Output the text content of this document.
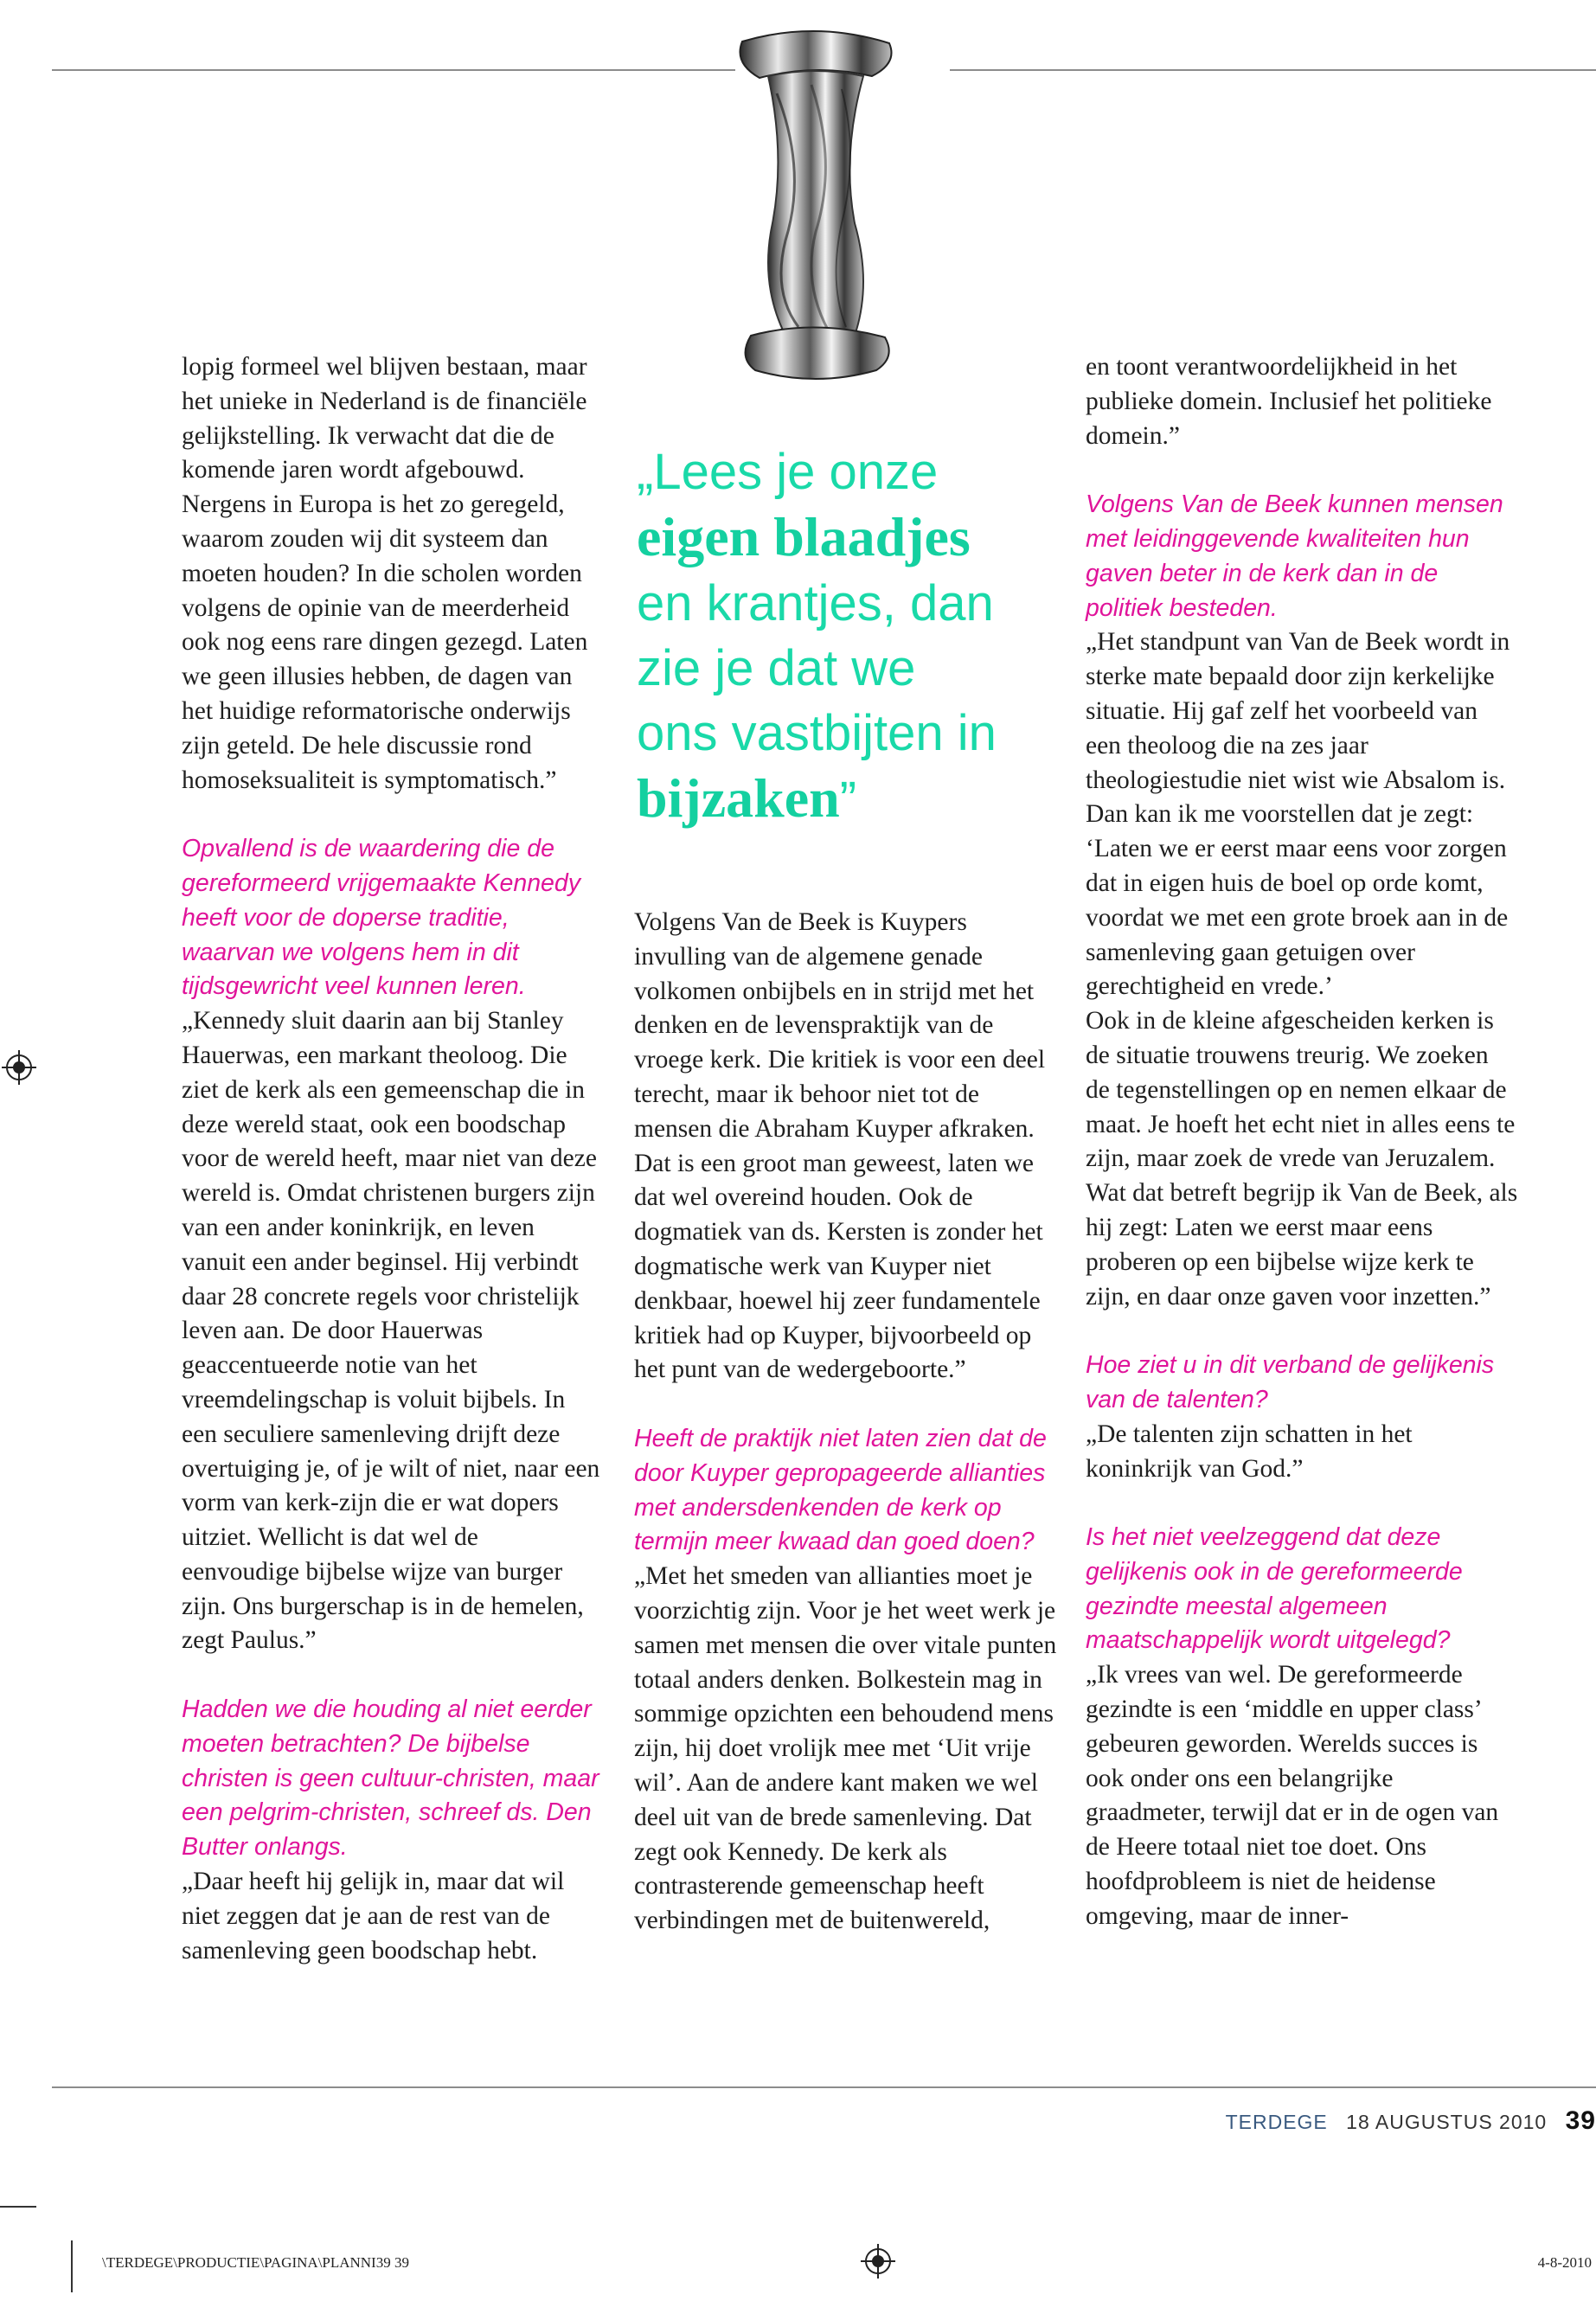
lopig formeel wel blijven bestaan, maar het unieke in Nederland is de financiële gelijkstelling. Ik verwacht dat die de komende jaren wordt afgebouwd. Nergens in Europa is het zo geregeld, waarom zouden wij dit systeem dan moeten houden? In die scholen worden volgens de opinie van de meerderheid ook nog eens rare dingen gezegd. Laten we geen illusies hebben, de dagen van het huidige reformatorische onderwijs zijn geteld. De hele discussie rond homoseksualiteit is symptomatisch.”

Opvallend is de waardering die de gereformeerd vrijgemaakte Kennedy heeft voor de doperse traditie, waarvan we volgens hem in dit tijdsgewricht veel kunnen leren.

„Kennedy sluit daarin aan bij Stanley Hauerwas, een markant theoloog. Die ziet de kerk als een gemeenschap die in deze wereld staat, ook een boodschap voor de wereld heeft, maar niet van deze wereld is. Omdat christenen burgers zijn van een ander koninkrijk, en leven vanuit een ander beginsel. Hij verbindt daar 28 concrete regels voor christelijk leven aan. De door Hauerwas geaccentueerde notie van het vreemdelingschap is voluit bijbels. In een seculiere samenleving drijft deze overtuiging je, of je wilt of niet, naar een vorm van kerk-zijn die er wat dopers uitziet. Wellicht is dat wel de eenvoudige bijbelse wijze van burger zijn. Ons burgerschap is in de hemelen, zegt Paulus.”

Hadden we die houding al niet eerder moeten betrachten? De bijbelse christen is geen cultuur-christen, maar een pelgrim-christen, schreef ds. Den Butter onlangs.

„Daar heeft hij gelijk in, maar dat wil niet zeggen dat je aan de rest van de samenleving geen boodschap hebt.

„Lees je onze
eigen blaadjes
en krantjes, dan
zie je dat we
ons vastbijten in
bijzaken”

Volgens Van de Beek is Kuypers invulling van de algemene genade volkomen onbijbels en in strijd met het denken en de levenspraktijk van de vroege kerk. Die kritiek is voor een deel terecht, maar ik behoor niet tot de mensen die Abraham Kuyper afkraken. Dat is een groot man geweest, laten we dat wel overeind houden. Ook de dogmatiek van ds. Kersten is zonder het dogmatische werk van Kuyper niet denkbaar, hoewel hij zeer fundamentele kritiek had op Kuyper, bijvoorbeeld op het punt van de wedergeboorte.”

Heeft de praktijk niet laten zien dat de door Kuyper gepropageerde allianties met andersdenkenden de kerk op termijn meer kwaad dan goed doen?

„Met het smeden van allianties moet je voorzichtig zijn. Voor je het weet werk je samen met mensen die over vitale punten totaal anders denken. Bolkestein mag in sommige opzichten een behoudend mens zijn, hij doet vrolijk mee met ‘Uit vrije wil’. Aan de andere kant maken we wel deel uit van de brede samenleving. Dat zegt ook Kennedy. De kerk als contrasterende gemeenschap heeft verbindingen met de buitenwereld,

en toont verantwoordelijkheid in het publieke domein. Inclusief het politieke domein.”

Volgens Van de Beek kunnen mensen met leidinggevende kwaliteiten hun gaven beter in de kerk dan in de politiek besteden.

„Het standpunt van Van de Beek wordt in sterke mate bepaald door zijn kerkelijke situatie. Hij gaf zelf het voorbeeld van een theoloog die na zes jaar theologiestudie niet wist wie Absalom is. Dan kan ik me voorstellen dat je zegt: ‘Laten we er eerst maar eens voor zorgen dat in eigen huis de boel op orde komt, voordat we met een grote broek aan in de samenleving gaan getuigen over gerechtigheid en vrede.’

Ook in de kleine afgescheiden kerken is de situatie trouwens treurig. We zoeken de tegenstellingen op en nemen elkaar de maat. Je hoeft het echt niet in alles eens te zijn, maar zoek de vrede van Jeruzalem. Wat dat betreft begrijp ik Van de Beek, als hij zegt: Laten we eerst maar eens proberen op een bijbelse wijze kerk te zijn, en daar onze gaven voor inzetten.”

Hoe ziet u in dit verband de gelijkenis van de talenten?

„De talenten zijn schatten in het koninkrijk van God.”

Is het niet veelzeggend dat deze gelijkenis ook in de gereformeerde gezindte meestal algemeen maatschappelijk wordt uitgelegd?

„Ik vrees van wel. De gereformeerde gezindte is een ‘middle en upper class’ gebeuren geworden. Werelds succes is ook onder ons een belangrijke graadmeter, terwijl dat er in de ogen van de Heere totaal niet toe doet. Ons hoofdprobleem is niet de heidense omgeving, maar de inner-

TERDEGE 18 AUGUSTUS 2010 39
\TERDEGE\PRODUCTIE\PAGINA\PLANNI39 39	4-8-2010
